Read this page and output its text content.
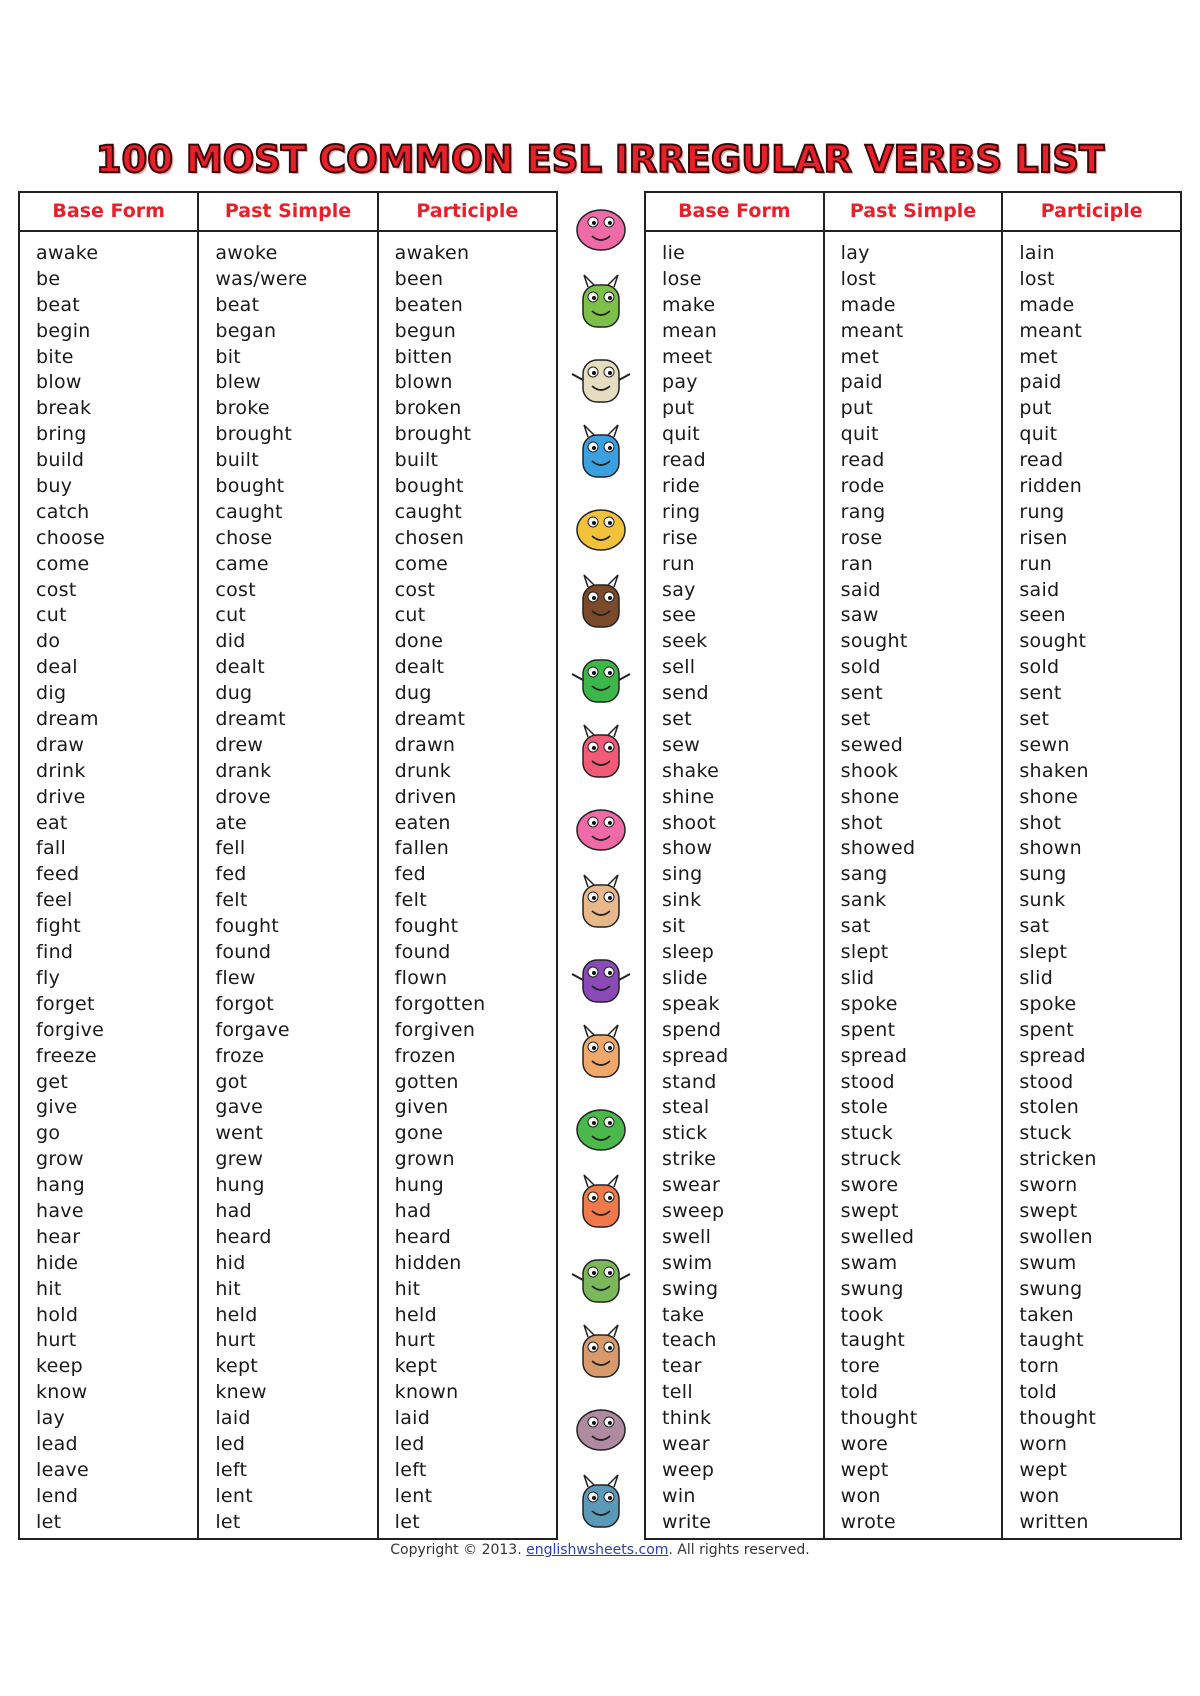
100 MOST COMMON ESL IRREGULAR VERBS LIST
Base Form
awake
be
beat
begin
bite
blow
break
bring
build
buy
catch
choose
come
cost
cut
do
deal
dig
dream
draw
drink
drive
eat
fall
feed
feel
fight
find
fly
forget
forgive
freeze
get
give
go
grow
hang
have
hear
hide
hit
hold
hurt
keep
know
lay
lead
leave
lend
let
Past Simple
awoke
was/were
beat
began
bit
blew
broke
brought
built
bought
caught
chose
came
cost
cut
did
dealt
dug
dreamt
drew
drank
drove
ate
fell
fed
felt
fought
found
flew
forgot
forgave
froze
got
gave
went
grew
hung
had
heard
hid
hit
held
hurt
kept
knew
laid
led
left
lent
let
Participle
awaken
been
beaten
begun
bitten
blown
broken
brought
built
bought
caught
chosen
come
cost
cut
done
dealt
dug
dreamt
drawn
drunk
driven
eaten
fallen
fed
felt
fought
found
flown
forgotten
forgiven
frozen
gotten
given
gone
grown
hung
had
heard
hidden
hit
held
hurt
kept
known
laid
led
left
lent
let
Base Form
lie
lose
make
mean
meet
pay
put
quit
read
ride
ring
rise
run
say
see
seek
sell
send
set
sew
shake
shine
shoot
show
sing
sink
sit
sleep
slide
speak
spend
spread
stand
steal
stick
strike
swear
sweep
swell
swim
swing
take
teach
tear
tell
think
wear
weep
win
write
Past Simple
lay
lost
made
meant
met
paid
put
quit
read
rode
rang
rose
ran
said
saw
sought
sold
sent
set
sewed
shook
shone
shot
showed
sang
sank
sat
slept
slid
spoke
spent
spread
stood
stole
stuck
struck
swore
swept
swelled
swam
swung
took
taught
tore
told
thought
wore
wept
won
wrote
Participle
lain
lost
made
meant
met
paid
put
quit
read
ridden
rung
risen
run
said
seen
sought
sold
sent
set
sewn
shaken
shone
shot
shown
sung
sunk
sat
slept
slid
spoke
spent
spread
stood
stolen
stuck
stricken
sworn
swept
swollen
swum
swung
taken
taught
torn
told
thought
worn
wept
won
written
Copyright © 2013. englishwsheets.com. All rights reserved.
